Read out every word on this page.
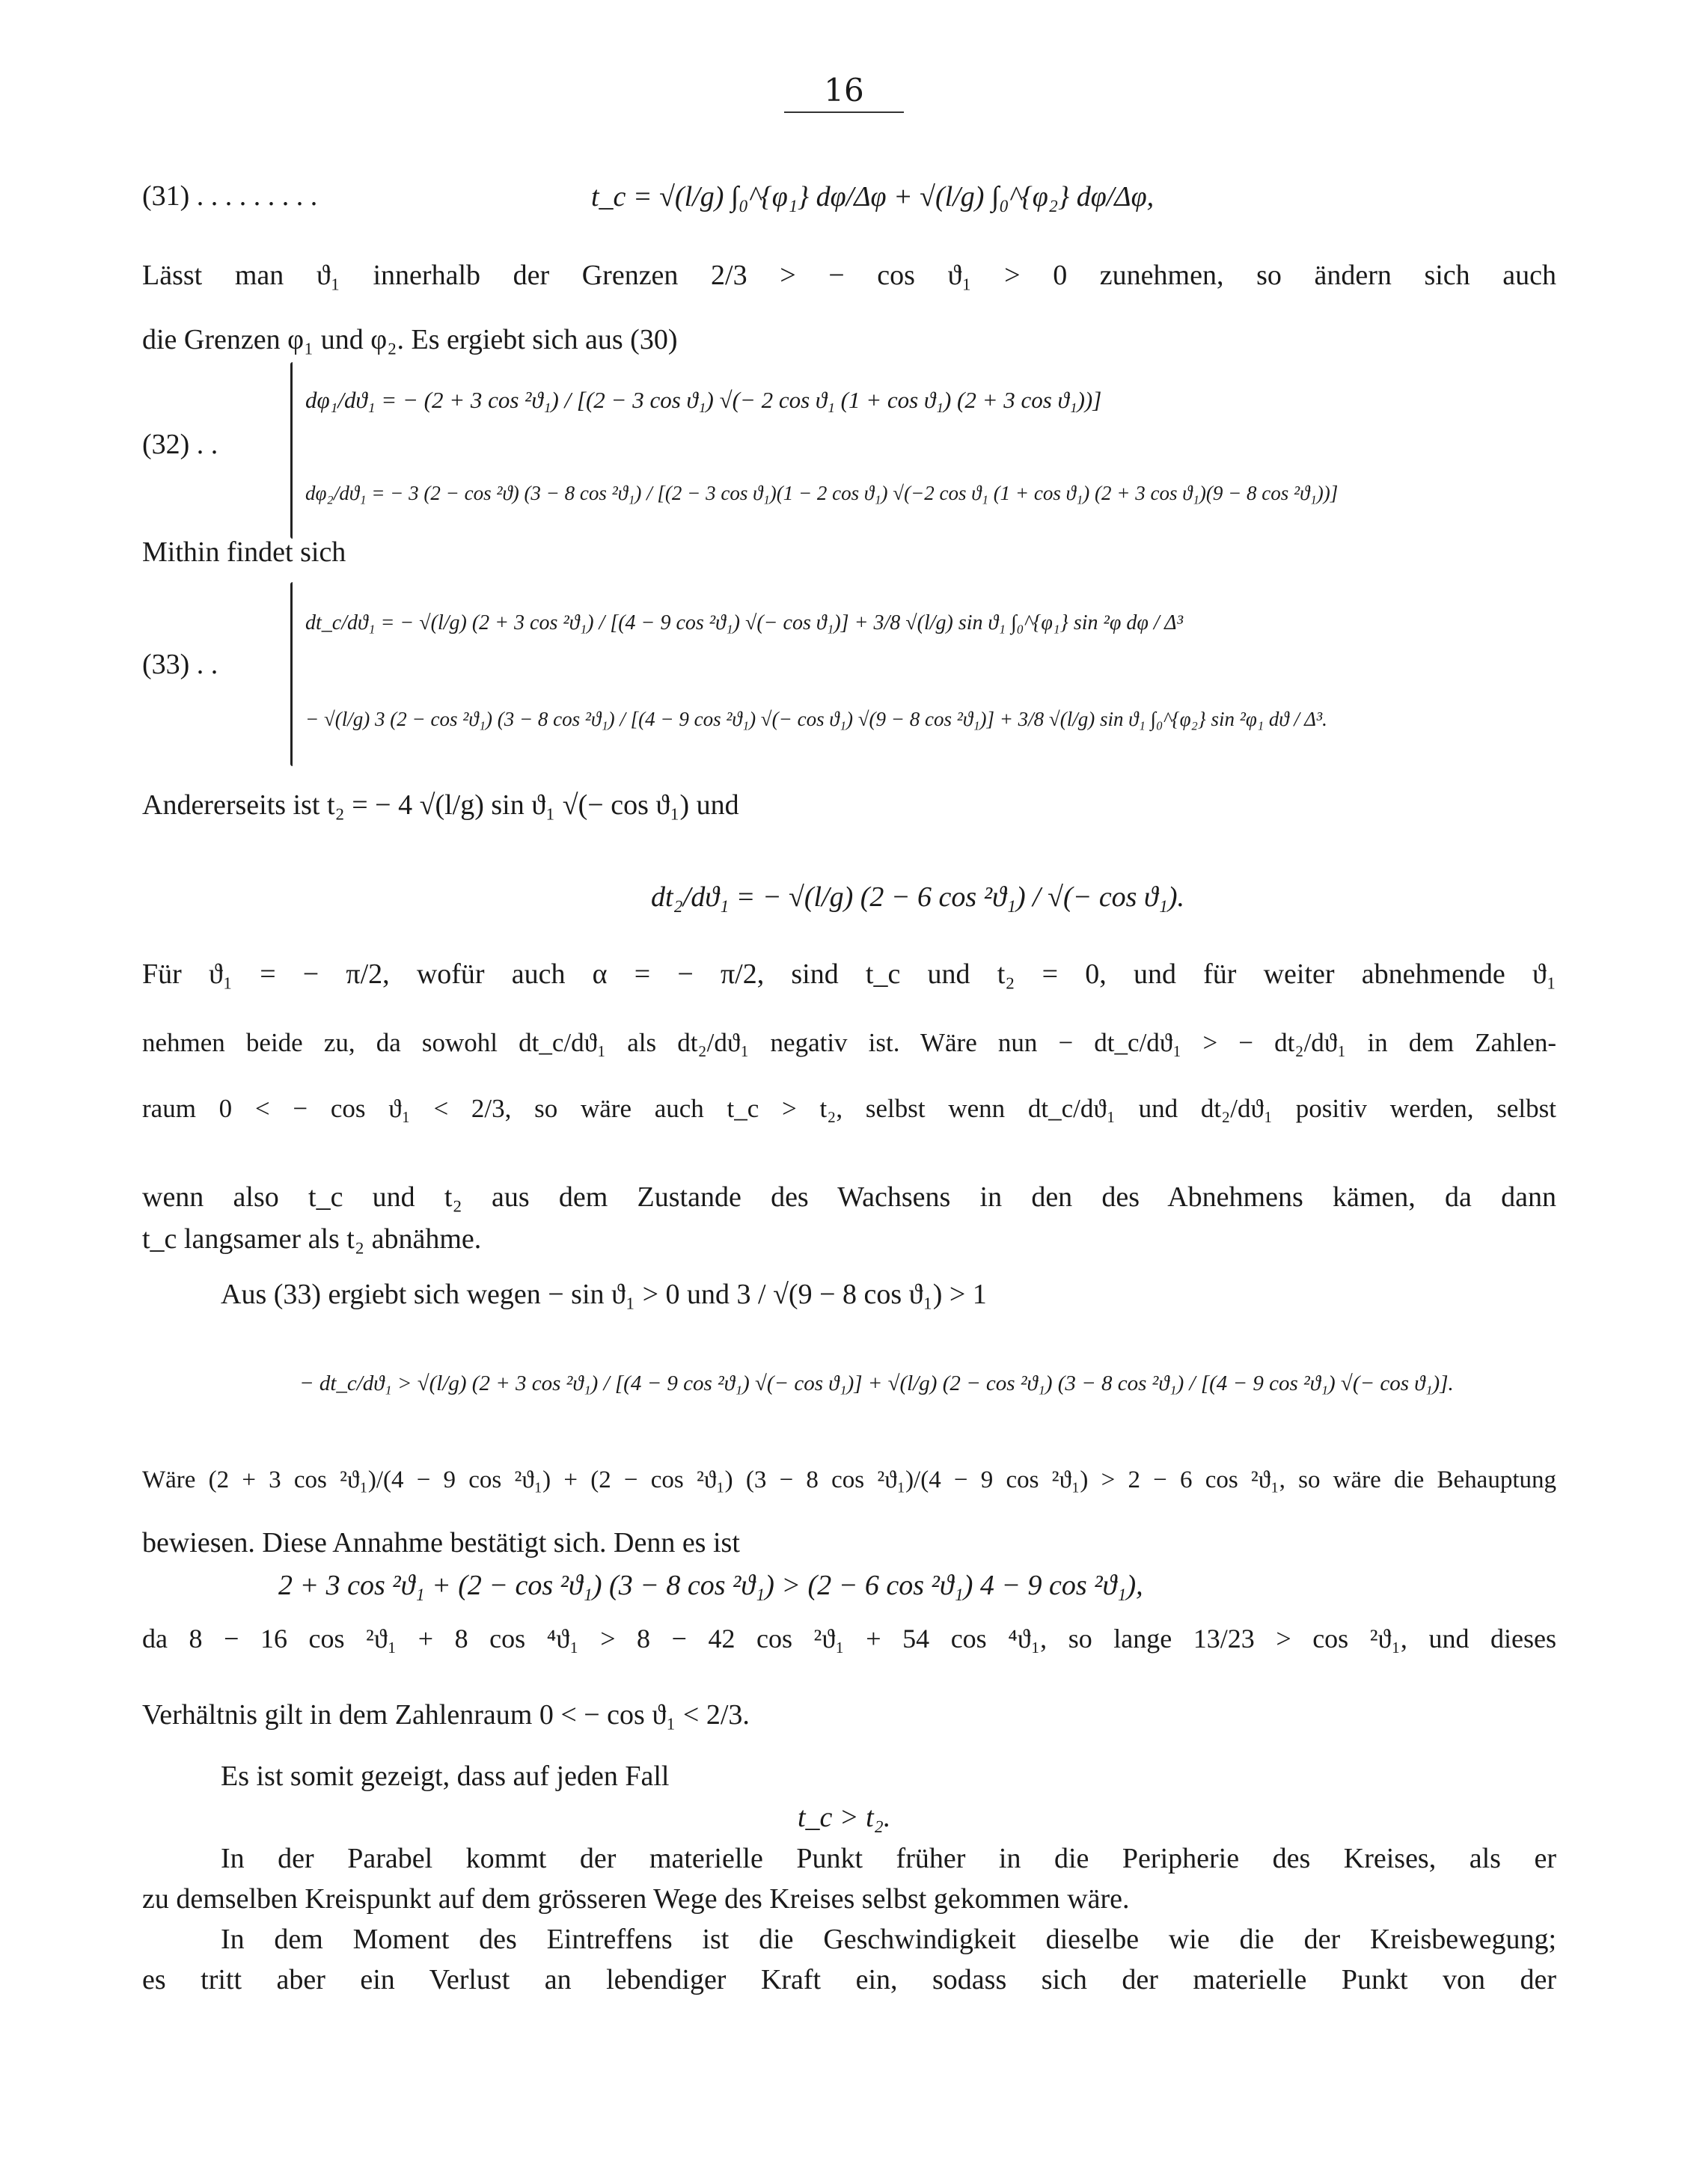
16
(31) . . . . . . . . .	t_c = √(l/g) ∫₀^{φ₁} dφ/Δφ + √(l/g) ∫₀^{φ₂} dφ/Δφ,
Lässt man ϑ₁ innerhalb der Grenzen 2/3 > − cos ϑ₁ > 0 zunehmen, so ändern sich auch
die Grenzen φ₁ und φ₂. Es ergiebt sich aus (30)
(32) . .
dφ₁/dϑ₁ = − (2 + 3 cos ²ϑ₁) / [(2 − 3 cos ϑ₁) √(− 2 cos ϑ₁ (1 + cos ϑ₁) (2 + 3 cos ϑ₁))]
dφ₂/dϑ₁ = − 3 (2 − cos ²ϑ) (3 − 8 cos ²ϑ₁) / [(2 − 3 cos ϑ₁)(1 − 2 cos ϑ₁) √(−2 cos ϑ₁ (1 + cos ϑ₁) (2 + 3 cos ϑ₁)(9 − 8 cos ²ϑ₁))]
Mithin findet sich
(33) . .
dt_c/dϑ₁ = − √(l/g) (2 + 3 cos ²ϑ₁) / [(4 − 9 cos ²ϑ₁) √(− cos ϑ₁)] + 3/8 √(l/g) sin ϑ₁ ∫₀^{φ₁} sin ²φ dφ / Δ³
− √(l/g) 3 (2 − cos ²ϑ₁) (3 − 8 cos ²ϑ₁) / [(4 − 9 cos ²ϑ₁) √(− cos ϑ₁) √(9 − 8 cos ²ϑ₁)] + 3/8 √(l/g) sin ϑ₁ ∫₀^{φ₂} sin ²φ₁ dϑ / Δ³.
Andererseits ist t₂ = − 4 √(l/g) sin ϑ₁ √(− cos ϑ₁) und
dt₂/dϑ₁ = − √(l/g) (2 − 6 cos ²ϑ₁) / √(− cos ϑ₁).
Für ϑ₁ = − π/2, wofür auch α = − π/2, sind t_c und t₂ = 0, und für weiter abnehmende ϑ₁
nehmen beide zu, da sowohl dt_c/dϑ₁ als dt₂/dϑ₁ negativ ist. Wäre nun − dt_c/dϑ₁ > − dt₂/dϑ₁ in dem Zahlen-
raum 0 < − cos ϑ₁ < 2/3, so wäre auch t_c > t₂, selbst wenn dt_c/dϑ₁ und dt₂/dϑ₁ positiv werden, selbst
wenn also t_c und t₂ aus dem Zustande des Wachsens in den des Abnehmens kämen, da dann
t_c langsamer als t₂ abnähme.
Aus (33) ergiebt sich wegen − sin ϑ₁ > 0 und 3 / √(9 − 8 cos ϑ₁) > 1
− dt_c/dϑ₁ > √(l/g) (2 + 3 cos ²ϑ₁) / [(4 − 9 cos ²ϑ₁) √(− cos ϑ₁)] + √(l/g) (2 − cos ²ϑ₁) (3 − 8 cos ²ϑ₁) / [(4 − 9 cos ²ϑ₁) √(− cos ϑ₁)].
Wäre (2 + 3 cos ²ϑ₁)/(4 − 9 cos ²ϑ₁) + (2 − cos ²ϑ₁) (3 − 8 cos ²ϑ₁)/(4 − 9 cos ²ϑ₁) > 2 − 6 cos ²ϑ₁, so wäre die Behauptung
bewiesen. Diese Annahme bestätigt sich. Denn es ist
2 + 3 cos ²ϑ₁ + (2 − cos ²ϑ₁) (3 − 8 cos ²ϑ₁) > (2 − 6 cos ²ϑ₁) 4 − 9 cos ²ϑ₁),
da 8 − 16 cos ²ϑ₁ + 8 cos ⁴ϑ₁ > 8 − 42 cos ²ϑ₁ + 54 cos ⁴ϑ₁, so lange 13/23 > cos ²ϑ₁, und dieses
Verhältnis gilt in dem Zahlenraum 0 < − cos ϑ₁ < 2/3.
Es ist somit gezeigt, dass auf jeden Fall
t_c > t₂.
In der Parabel kommt der materielle Punkt früher in die Peripherie des Kreises, als er
zu demselben Kreispunkt auf dem grösseren Wege des Kreises selbst gekommen wäre.
In dem Moment des Eintreffens ist die Geschwindigkeit dieselbe wie die der Kreisbewegung;
es tritt aber ein Verlust an lebendiger Kraft ein, sodass sich der materielle Punkt von der
